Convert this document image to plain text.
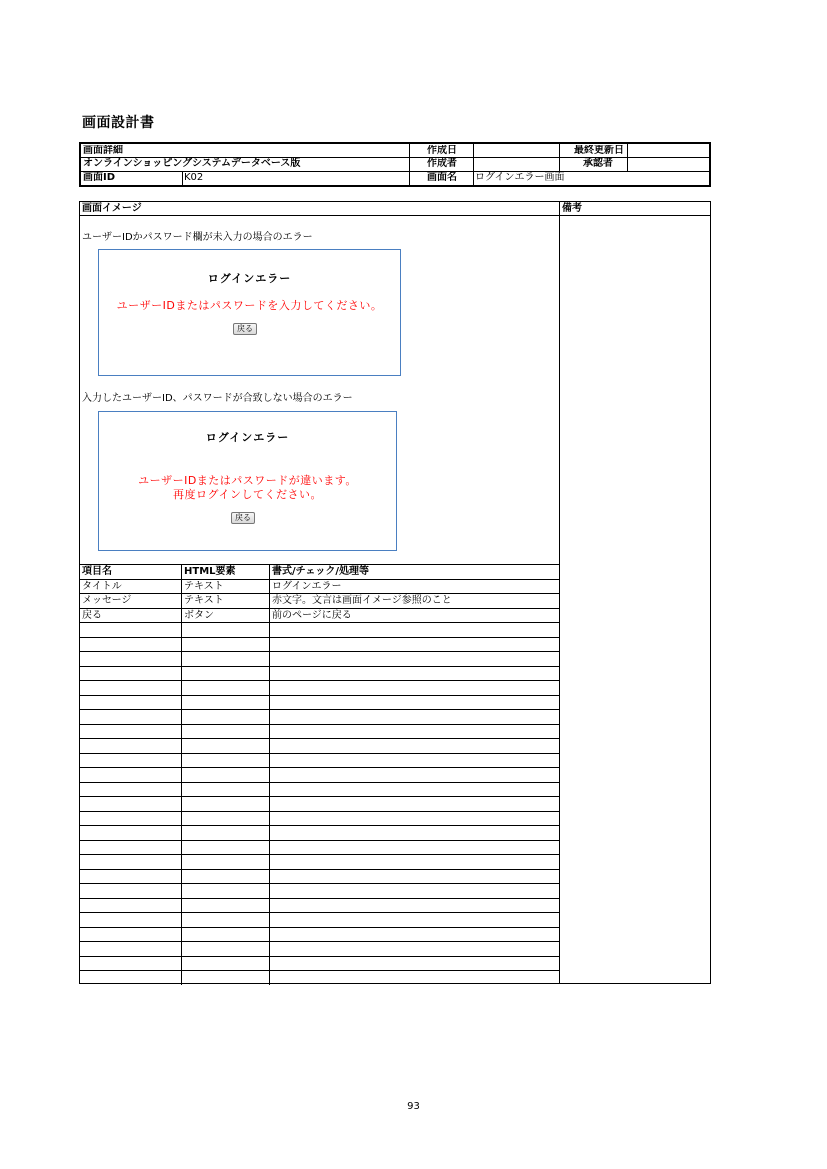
画面設計書
画面詳細	作成日	最終更新日
オンラインショッピングシステムデータベース版	作成者	承認者
画面ID	K02	画面名	ログインエラー画面
画面イメージ	備考
ユーザーIDかパスワード欄が未入力の場合のエラー
ログインエラー
ユーザーIDまたはパスワードを入力してください。
戻る
入力したユーザーID、パスワードが合致しない場合のエラー
ログインエラー
ユーザーIDまたはパスワードが違います。
再度ログインしてください。
戻る
項目名	HTML要素	書式/チェック/処理等
タイトル	テキスト	ログインエラー
メッセージ	テキスト	赤文字。文言は画面イメージ参照のこと
戻る	ボタン	前のページに戻る
93
